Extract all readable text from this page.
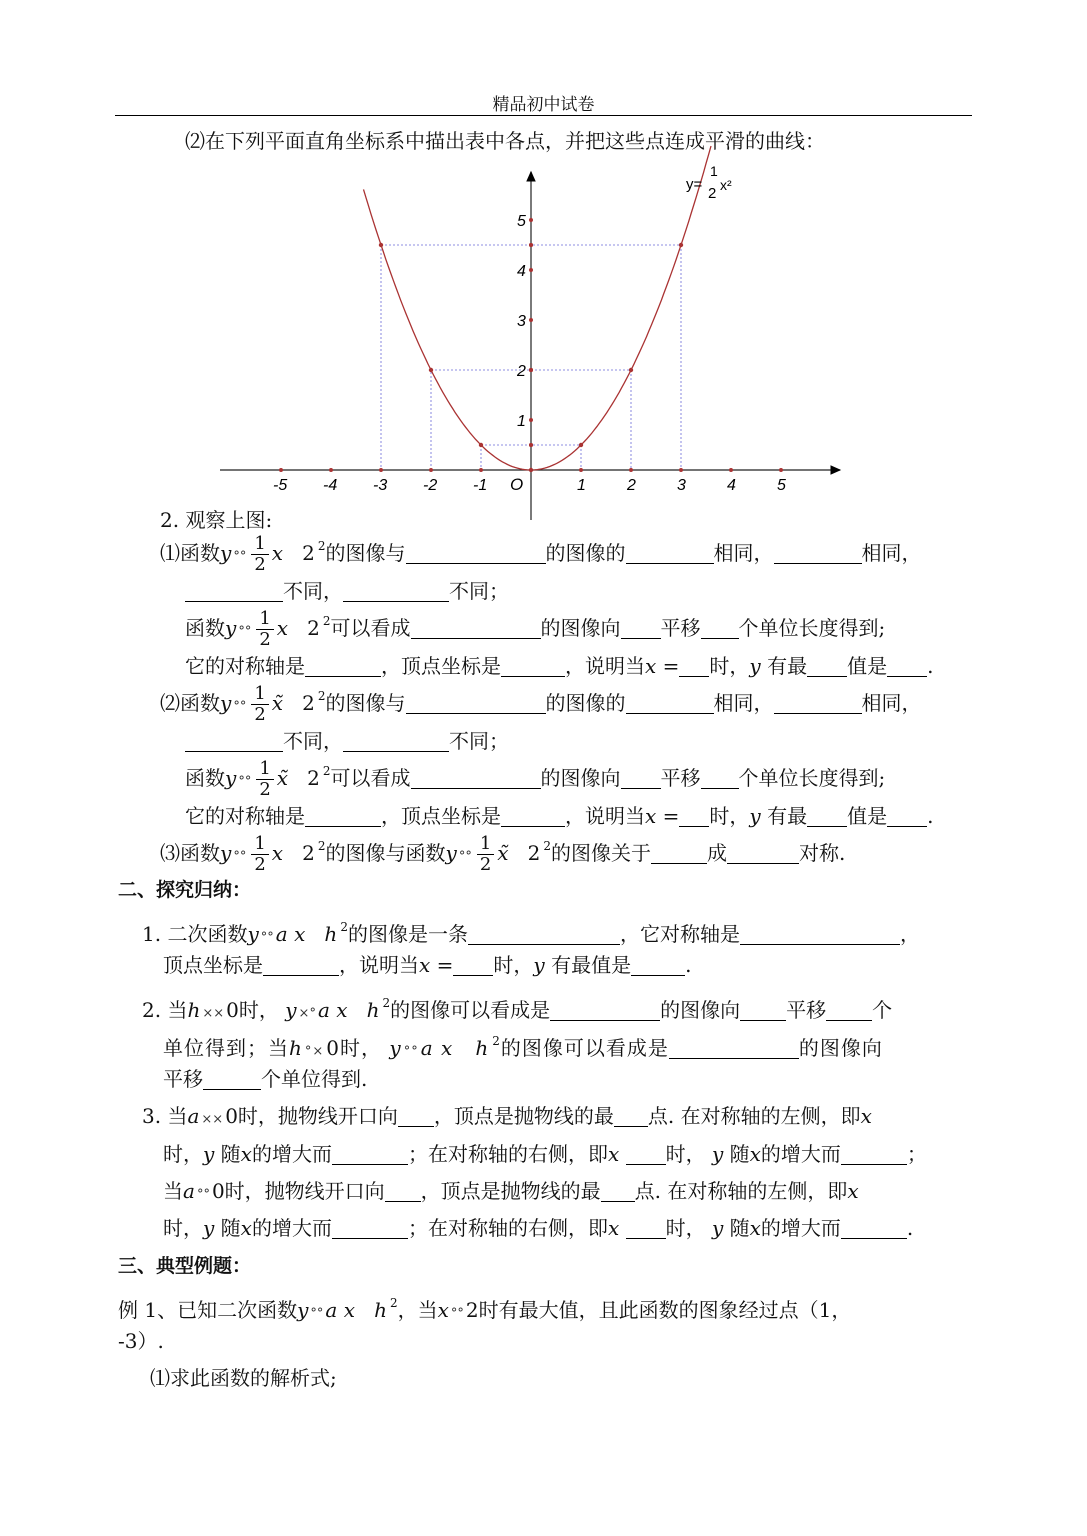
精品初中试卷
⑵在下列平面直角坐标系中描出表中各点，并把这些点连成平滑的曲线：
-5 -4 -3 -2 -1	1	2	3	4	5
1
2
3
4
5
O
y=
1
2 x²
2. 观察上图:
⑴函数y °° $\frac{1}{2}$ x 2 $^2$的图像与	的图像的	相同，	相同，
不同，	不同；
函数y °° $\frac{1}{2}$ x 2 $^2$可以看成	的图像向 平移 个单位长度得到;
它的对称轴是	，顶点坐标是	，说明当x = 时，y 有最 值是 .
⑵函数y °° $\frac{1}{2}$ x̃ 2 $^2$的图像与	的图像的	相同，	相同，
不同，	不同；
函数y °° $\frac{1}{2}$ x̃ 2 $^2$可以看成	的图像向 平移 个单位长度得到;
它的对称轴是	，顶点坐标是	，说明当x = 时，y 有最 值是 .
⑶函数y °° $\frac{1}{2}$ x 2 $^2$的图像与函数y °° $\frac{1}{2}$ x̃ 2 $^2$的图像关于	成	对称.
二、探究归纳：
1. 二次函数y °° a x h $^2$的图像是一条	，它对称轴是	，
顶点坐标是	，说明当x = 时，y 有最值是	.
2. 当h ×× 0时， y ×° a x h $^2$的图像可以看成是	的图像向 平移 个
单位得到；当h °× 0时， y °° a x h $^2$的图像可以看成是	的图像向
平移	个单位得到.
3. 当a ×× 0时，抛物线开口向 ，顶点是抛物线的最 点. 在对称轴的左侧，即x
时，y 随x的增大而	；在对称轴的右侧，即x 时， y 随x的增大而	；
当a °° 0时，抛物线开口向 ，顶点是抛物线的最 点. 在对称轴的左侧，即x
时，y 随x的增大而	；在对称轴的右侧，即x 时， y 随x的增大而	.
三、典型例题：
例 1、已知二次函数y °° a x h $^2$，当x °° 2时有最大值，且此函数的图象经过点（1，
-3）.
⑴求此函数的解析式;
